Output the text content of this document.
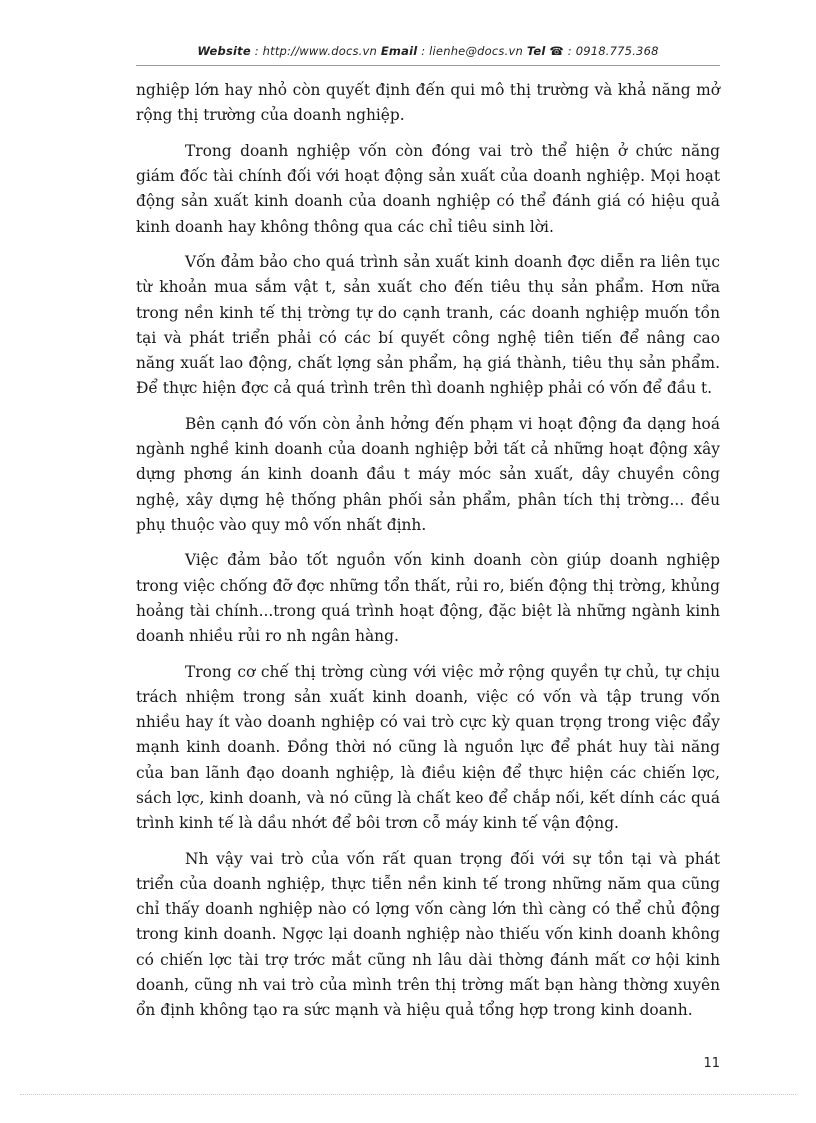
Website : http://www.docs.vn Email : lienhe@docs.vn Tel ☎ : 0918.775.368

nghiệp lớn hay nhỏ còn quyết định đến qui mô thị trường và khả năng mở rộng thị trường của doanh nghiệp.

Trong doanh nghiệp vốn còn đóng vai trò thể hiện ở chức năng giám đốc tài chính đối với hoạt động sản xuất của doanh nghiệp. Mọi hoạt động sản xuất kinh doanh của doanh nghiệp có thể đánh giá có hiệu quả kinh doanh hay không thông qua các chỉ tiêu sinh lời.

Vốn đảm bảo cho quá trình sản xuất kinh doanh đợc diễn ra liên tục từ khoản mua sắm vật t, sản xuất cho đến tiêu thụ sản phẩm. Hơn nữa trong nền kinh tế thị trờng tự do cạnh tranh, các doanh nghiệp muốn tồn tại và phát triển phải có các bí quyết công nghệ tiên tiến để nâng cao năng xuất lao động, chất lợng sản phẩm, hạ giá thành, tiêu thụ sản phẩm. Để thực hiện đợc cả quá trình trên thì doanh nghiệp phải có vốn để đầu t.

Bên cạnh đó vốn còn ảnh hởng đến phạm vi hoạt động đa dạng hoá ngành nghề kinh doanh của doanh nghiệp bởi tất cả những hoạt động xây dựng phơng án kinh doanh đầu t máy móc sản xuất, dây chuyền công nghệ, xây dựng hệ thống phân phối sản phẩm, phân tích thị trờng... đều phụ thuộc vào quy mô vốn nhất định.

Việc đảm bảo tốt nguồn vốn kinh doanh còn giúp doanh nghiệp trong việc chống đỡ đợc những tổn thất, rủi ro, biến động thị trờng, khủng hoảng tài chính...trong quá trình hoạt động, đặc biệt là những ngành kinh doanh nhiều rủi ro nh ngân hàng.

Trong cơ chế thị trờng cùng với việc mở rộng quyền tự chủ, tự chịu trách nhiệm trong sản xuất kinh doanh, việc có vốn và tập trung vốn nhiều hay ít vào doanh nghiệp có vai trò cực kỳ quan trọng trong việc đẩy mạnh kinh doanh. Đồng thời nó cũng là nguồn lực để phát huy tài năng của ban lãnh đạo doanh nghiệp, là điều kiện để thực hiện các chiến lợc, sách lợc, kinh doanh, và nó cũng là chất keo để chắp nối, kết dính các quá trình kinh tế là dầu nhớt để bôi trơn cỗ máy kinh tế vận động.

Nh vậy vai trò của vốn rất quan trọng đối với sự tồn tại và phát triển của doanh nghiệp, thực tiễn nền kinh tế trong những năm qua cũng chỉ thấy doanh nghiệp nào có lợng vốn càng lớn thì càng có thể chủ động trong kinh doanh. Ngợc lại doanh nghiệp nào thiếu vốn kinh doanh không có chiến lợc tài trợ trớc mắt cũng nh lâu dài thờng đánh mất cơ hội kinh doanh, cũng nh vai trò của mình trên thị trờng mất bạn hàng thờng xuyên ổn định không tạo ra sức mạnh và hiệu quả tổng hợp trong kinh doanh.

11
